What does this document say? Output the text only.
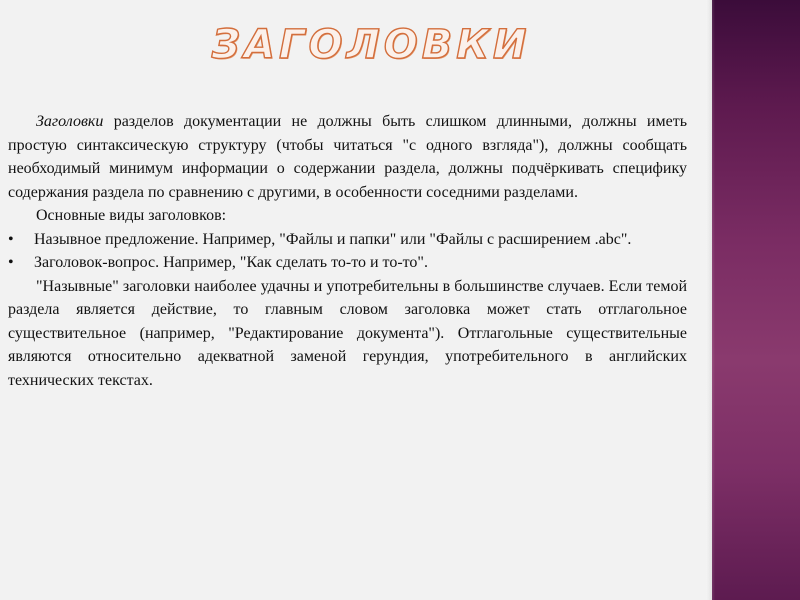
ЗАГОЛОВКИ

Заголовки разделов документации не должны быть слишком длинными, должны иметь простую синтаксическую структуру (чтобы читаться "с одного взгляда"), должны сообщать необходимый минимум информации о содержании раздела, должны подчёркивать специфику содержания раздела по сравнению с другими, в особенности соседними разделами.

Основные виды заголовков:

• Назывное предложение. Например, "Файлы и папки" или "Файлы с расширением .abc".

• Заголовок-вопрос. Например, "Как сделать то-то и то-то".

"Назывные" заголовки наиболее удачны и употребительны в большинстве случаев. Если темой раздела является действие, то главным словом заголовка может стать отглагольное существительное (например, "Редактирование документа"). Отглагольные существительные являются относительно адекватной заменой герундия, употребительного в английских технических текстах.
